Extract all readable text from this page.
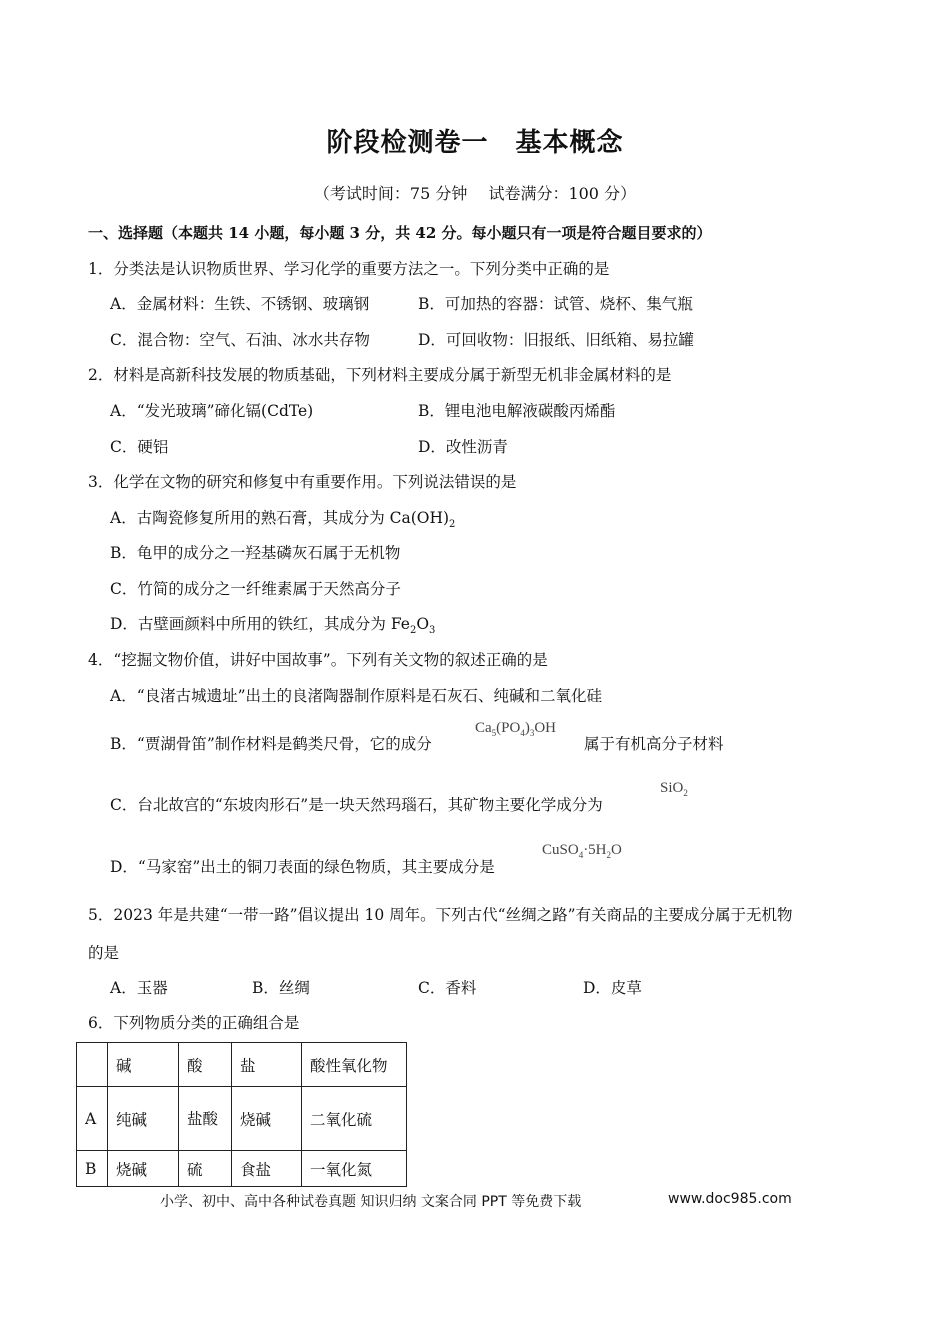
阶段检测卷一　基本概念
（考试时间：75 分钟　 试卷满分：100 分）
一、选择题（本题共 14 小题，每小题 3 分，共 42 分。每小题只有一项是符合题目要求的）
1．分类法是认识物质世界、学习化学的重要方法之一。下列分类中正确的是
A．金属材料：生铁、不锈钢、玻璃钢	B．可加热的容器：试管、烧杯、集气瓶
C．混合物：空气、石油、冰水共存物	D．可回收物：旧报纸、旧纸箱、易拉罐
2．材料是高新科技发展的物质基础，下列材料主要成分属于新型无机非金属材料的是
A．“发光玻璃”碲化镉(CdTe)	B．锂电池电解液碳酸丙烯酯
C．硬铝	D．改性沥青
3．化学在文物的研究和修复中有重要作用。下列说法错误的是
A．古陶瓷修复所用的熟石膏，其成分为 $Ca(OH)_2$
B．龟甲的成分之一羟基磷灰石属于无机物
C．竹简的成分之一纤维素属于天然高分子
D．古壁画颜料中所用的铁红，其成分为 $Fe_2O_3$
4．“挖掘文物价值，讲好中国故事”。下列有关文物的叙述正确的是
A．“良渚古城遗址”出土的良渚陶器制作原料是石灰石、纯碱和二氧化硅
B．“贾湖骨笛”制作材料是鹤类尺骨，它的成分
$Ca_5(PO_4)_3OH$
属于有机高分子材料
C．台北故宫的“东坡肉形石”是一块天然玛瑙石，其矿物主要化学成分为
SiO$_2$
D．“马家窑”出土的铜刀表面的绿色物质，其主要成分是
$CuSO_4\cdot 5H_2O$
5．2023 年是共建“一带一路”倡议提出 10 周年。下列古代“丝绸之路”有关商品的主要成分属于无机物
的是
A．玉器	B．丝绸	C．香料	D．皮草
6．下列物质分类的正确组合是
	碱	酸	盐	酸性氧化物
A	纯碱	盐酸	烧碱	二氧化硫
B	烧碱	硫	食盐	一氧化氮
小学、初中、高中各种试卷真题 知识归纳 文案合同 PPT 等免费下载	www.doc985.com
